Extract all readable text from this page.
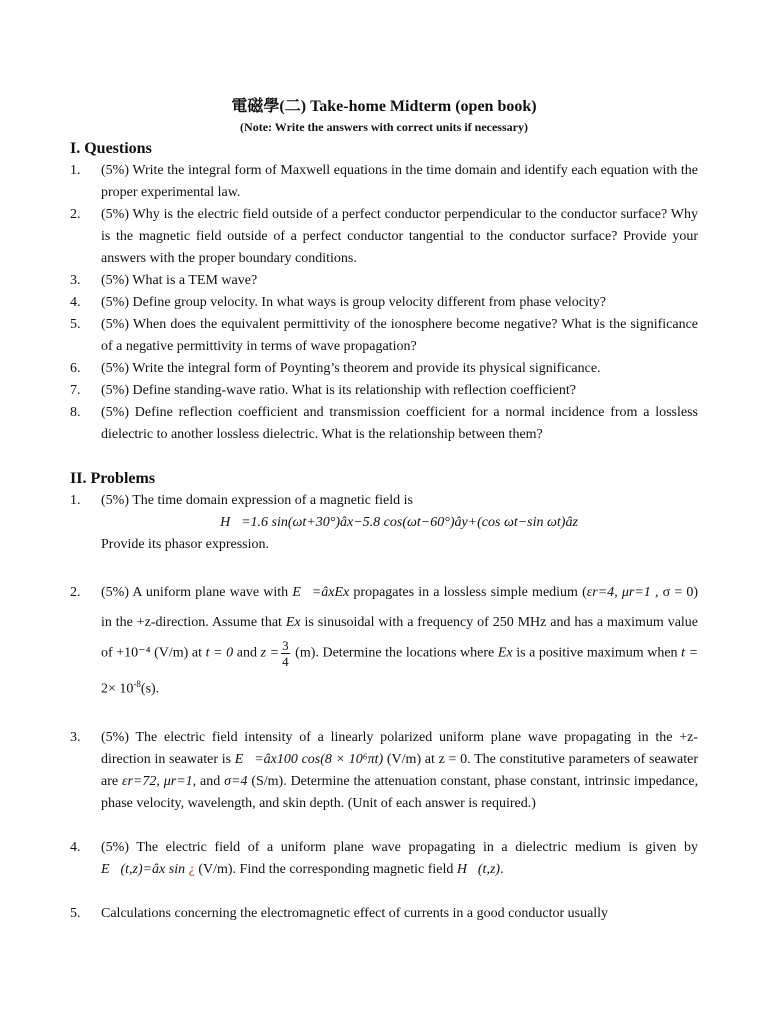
電磁學(二) Take-home Midterm (open book)
(Note: Write the answers with correct units if necessary)
I. Questions
1.	(5%) Write the integral form of Maxwell equations in the time domain and identify each equation with the proper experimental law.
2.	(5%) Why is the electric field outside of a perfect conductor perpendicular to the conductor surface? Why is the magnetic field outside of a perfect conductor tangential to the conductor surface? Provide your answers with the proper boundary conditions.
3.	(5%) What is a TEM wave?
4.	(5%) Define group velocity. In what ways is group velocity different from phase velocity?
5.	(5%) When does the equivalent permittivity of the ionosphere become negative? What is the significance of a negative permittivity in terms of wave propagation?
6.	(5%) Write the integral form of Poynting’s theorem and provide its physical significance.
7.	(5%) Define standing-wave ratio. What is its relationship with reflection coefficient?
8.	(5%) Define reflection coefficient and transmission coefficient for a normal incidence from a lossless dielectric to another lossless dielectric. What is the relationship between them?
II. Problems
1.	(5%) The time domain expression of a magnetic field is
H⃗=1.6 sin(ωt+30°)âx−5.8 cos(ωt−60°)ây+(cos ωt−sin ωt)âz
Provide its phasor expression.
2.	(5%) A uniform plane wave with E⃗=âxEx propagates in a lossless simple medium (εr=4, μr=1 , σ = 0) in the +z-direction. Assume that Ex is sinusoidal with a frequency of 250 MHz and has a maximum value of +10⁻⁴ (V/m) at t = 0 and $z = \frac{3}{4} (m)$. Determine the locations where Ex is a positive maximum when $t = 2\times 10^{-8}(s)$.
3.	(5%) The electric field intensity of a linearly polarized uniform plane wave propagating in the +z-direction in seawater is E⃗=âx100 cos(8 × 10⁶πt) (V/m) at z = 0. The constitutive parameters of seawater are εr=72, μr=1, and σ=4 (S/m). Determine the attenuation constant, phase constant, intrinsic impedance, phase velocity, wavelength, and skin depth. (Unit of each answer is required.)
4.	(5%) The electric field of a uniform plane wave propagating in a dielectric medium is given by E⃗(t,z)=âx sin ¿ (V/m). Find the corresponding magnetic field H⃗(t,z).
5.	Calculations concerning the electromagnetic effect of currents in a good conductor usually
